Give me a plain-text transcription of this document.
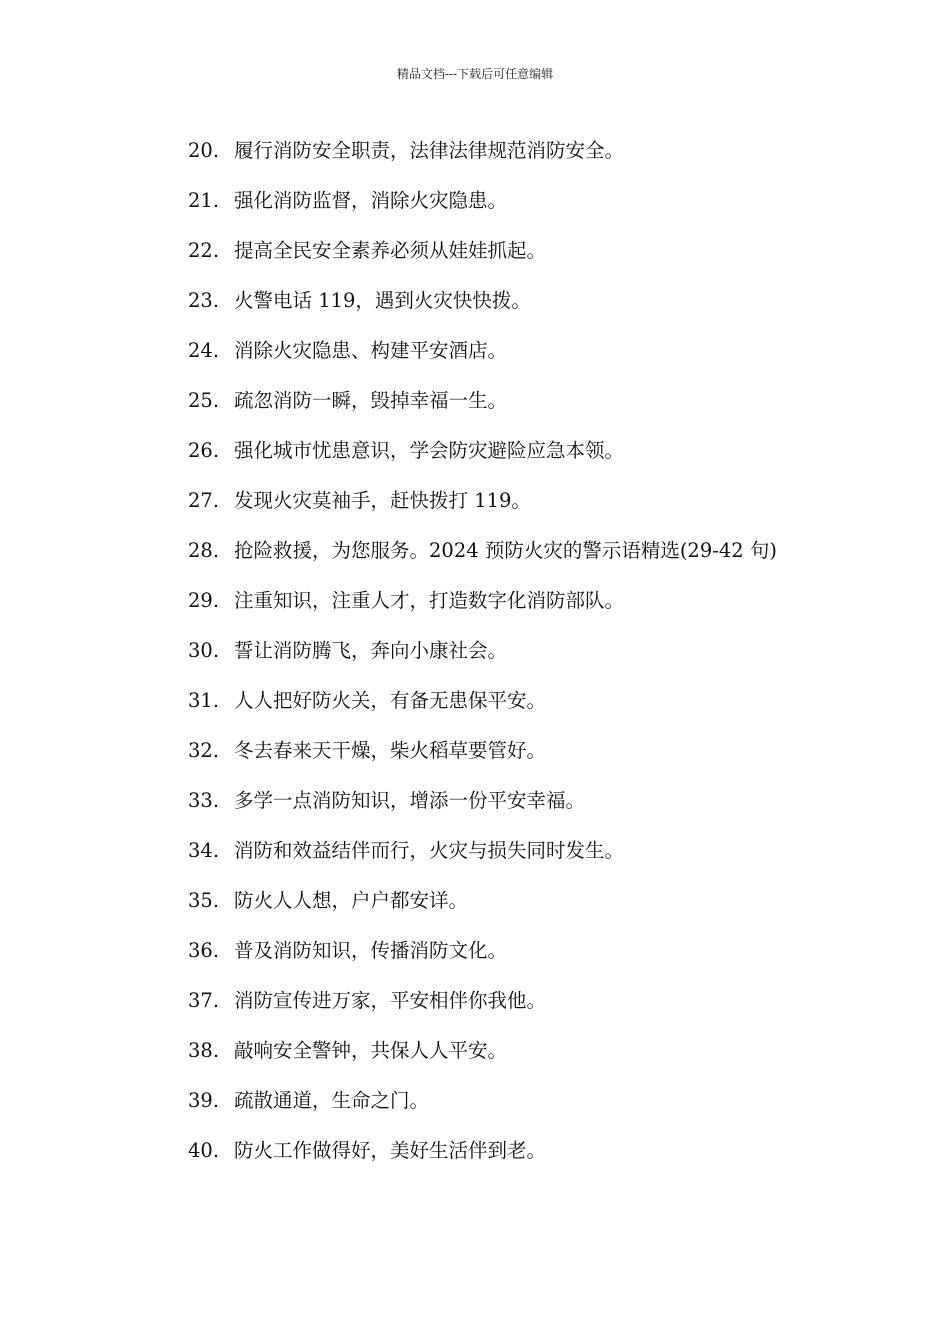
精品文档---下载后可任意编辑
20. 履行消防安全职责，法律法律规范消防安全。
21. 强化消防监督，消除火灾隐患。
22. 提高全民安全素养必须从娃娃抓起。
23. 火警电话 119，遇到火灾快快拨。
24. 消除火灾隐患、构建平安酒店。
25. 疏忽消防一瞬，毁掉幸福一生。
26. 强化城市忧患意识，学会防灾避险应急本领。
27. 发现火灾莫袖手，赶快拨打 119。
28. 抢险救援，为您服务。2024 预防火灾的警示语精选(29-42 句)
29. 注重知识，注重人才，打造数字化消防部队。
30. 誓让消防腾飞，奔向小康社会。
31. 人人把好防火关，有备无患保平安。
32. 冬去春来天干燥，柴火稻草要管好。
33. 多学一点消防知识，增添一份平安幸福。
34. 消防和效益结伴而行，火灾与损失同时发生。
35. 防火人人想，户户都安详。
36. 普及消防知识，传播消防文化。
37. 消防宣传进万家，平安相伴你我他。
38. 敲响安全警钟，共保人人平安。
39. 疏散通道，生命之门。
40. 防火工作做得好，美好生活伴到老。
